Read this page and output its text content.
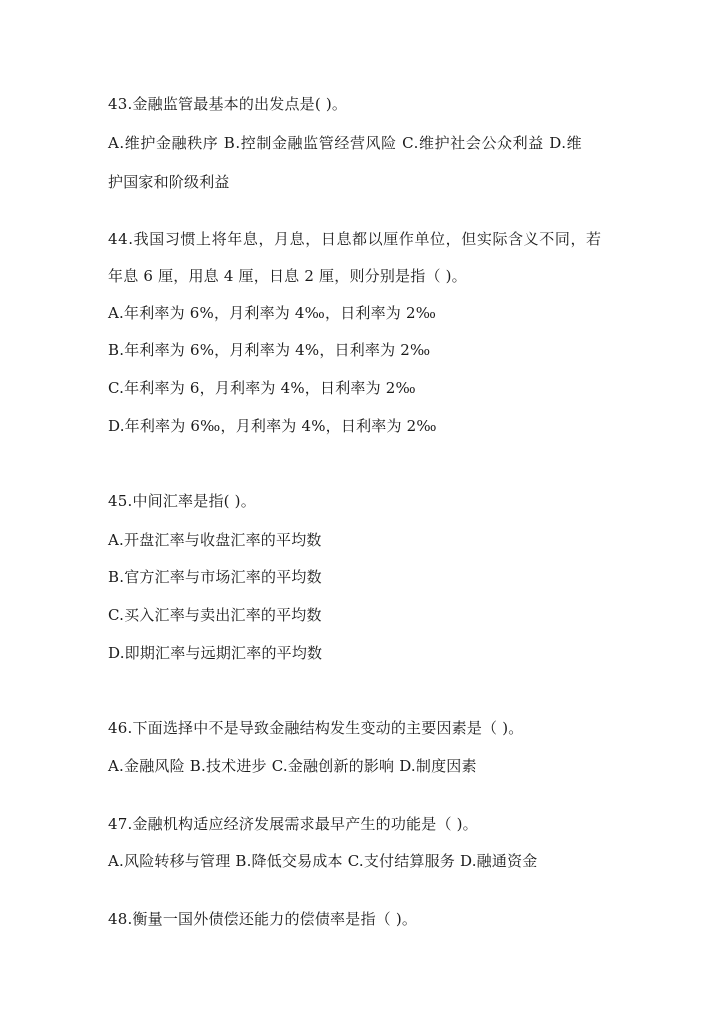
43.金融监管最基本的出发点是( )。
A.维护金融秩序 B.控制金融监管经营风险 C.维护社会公众利益 D.维
护国家和阶级利益
44.我国习惯上将年息，月息，日息都以厘作单位，但实际含义不同，若
年息 6 厘，用息 4 厘，日息 2 厘，则分别是指（ )。
A.年利率为 6%，月利率为 4‰，日利率为 2‰
B.年利率为 6%，月利率为 4%，日利率为 2‰
C.年利率为 6，月利率为 4%，日利率为 2‰
D.年利率为 6‰，月利率为 4%，日利率为 2‰
45.中间汇率是指( )。
A.开盘汇率与收盘汇率的平均数
B.官方汇率与市场汇率的平均数
C.买入汇率与卖出汇率的平均数
D.即期汇率与远期汇率的平均数
46.下面选择中不是导致金融结构发生变动的主要因素是（ )。
A.金融风险 B.技术进步 C.金融创新的影响 D.制度因素
47.金融机构适应经济发展需求最早产生的功能是（ )。
A.风险转移与管理 B.降低交易成本 C.支付结算服务 D.融通资金
48.衡量一国外债偿还能力的偿债率是指（ )。
